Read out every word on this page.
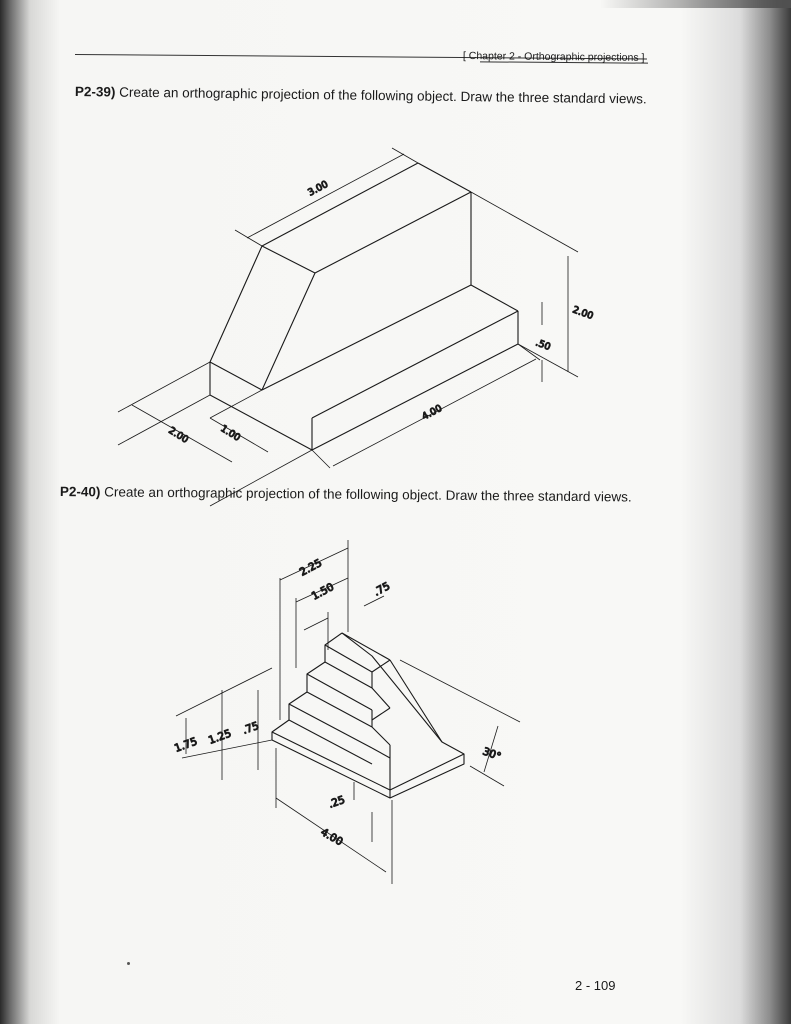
[ Chapter 2 - Orthographic projections ]
P2-39) Create an orthographic projection of the following object. Draw the three standard views.
P2-40) Create an orthographic projection of the following object. Draw the three standard views.
3.00
2.00
.50
2.00	1.00
4.00
2.25
1.50	.75
1.75 1.25 .75
.25
4.00
30°
2 - 109
